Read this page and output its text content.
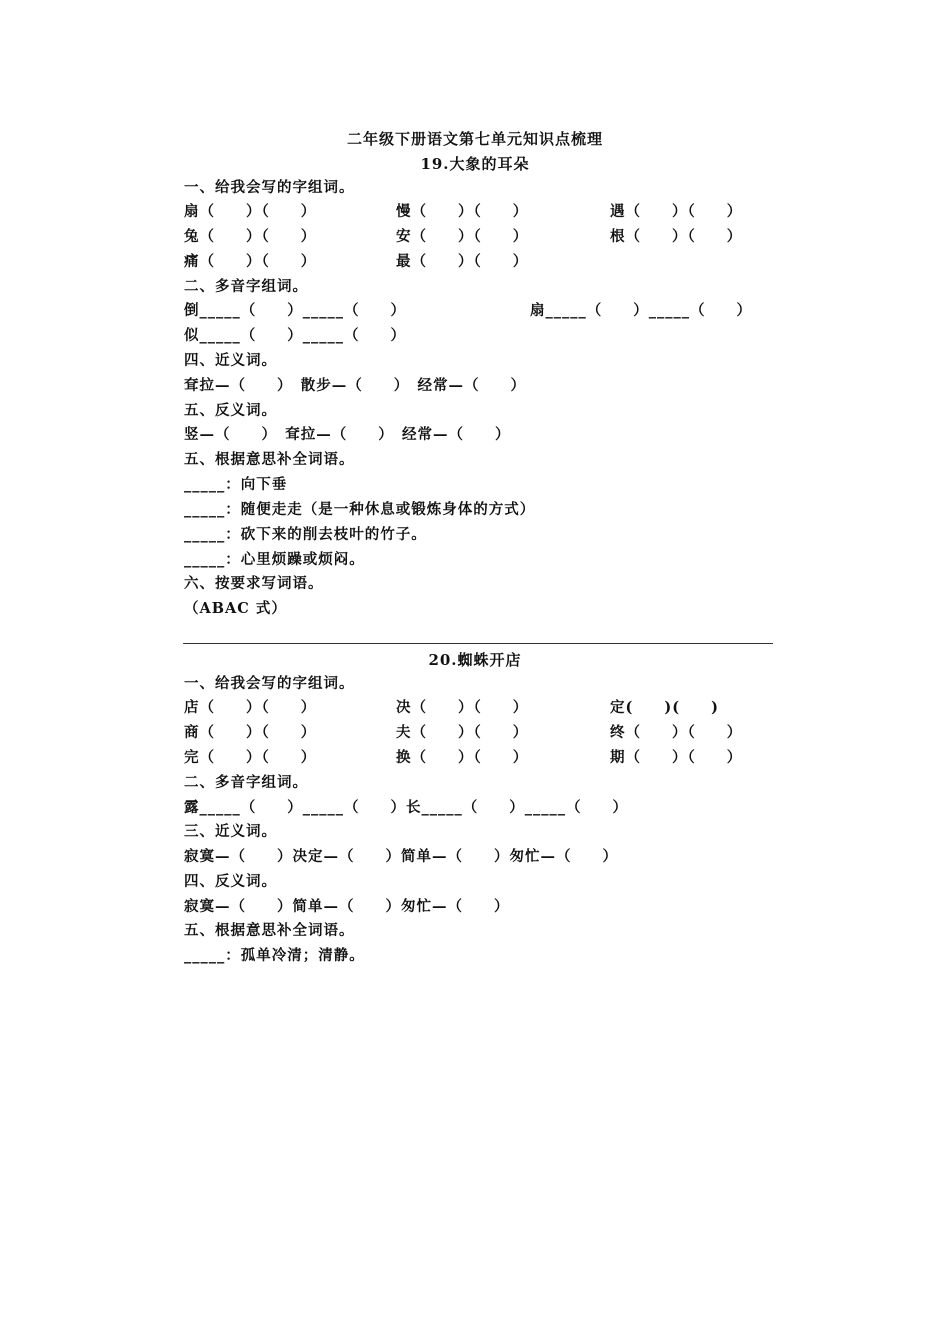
二年级下册语文第七单元知识点梳理
19.大象的耳朵
一、给我会写的字组词。
扇（　　）（　　）	慢（　　）（　　）	遇（　　）（　　）
兔（　　）（　　）	安（　　）（　　）	根（　　）（　　）
痛（　　）（　　）	最（　　）（　　）
二、多音字组词。
倒_____（　　）_____（　　）	扇_____（　　）_____（　　）
似_____（　　）_____（　　）
四、近义词。
耷拉—（　　）　散步—（　　）　经常—（　　）
五、反义词。
竖—（　　）　耷拉—（　　）　经常—（　　）
五、根据意思补全词语。
_____：向下垂
_____：随便走走（是一种休息或锻炼身体的方式）
_____：砍下来的削去枝叶的竹子。
_____：心里烦躁或烦闷。
六、按要求写词语。
（ABAC 式）
20.蜘蛛开店
一、给我会写的字组词。
店（　　）（　　）	决（　　）（　　）	定(　　)(　　)
商（　　）（　　）	夫（　　）（　　）	终（　　）（　　）
完（　　）（　　）	换（　　）（　　）	期（　　）（　　）
二、多音字组词。
露_____（　　）_____（　　）长_____（　　）_____（　　）
三、近义词。
寂寞—（　　）决定—（　　）简单—（　　）匆忙—（　　）
四、反义词。
寂寞—（　　）简单—（　　）匆忙—（　　）
五、根据意思补全词语。
_____：孤单冷清；清静。
